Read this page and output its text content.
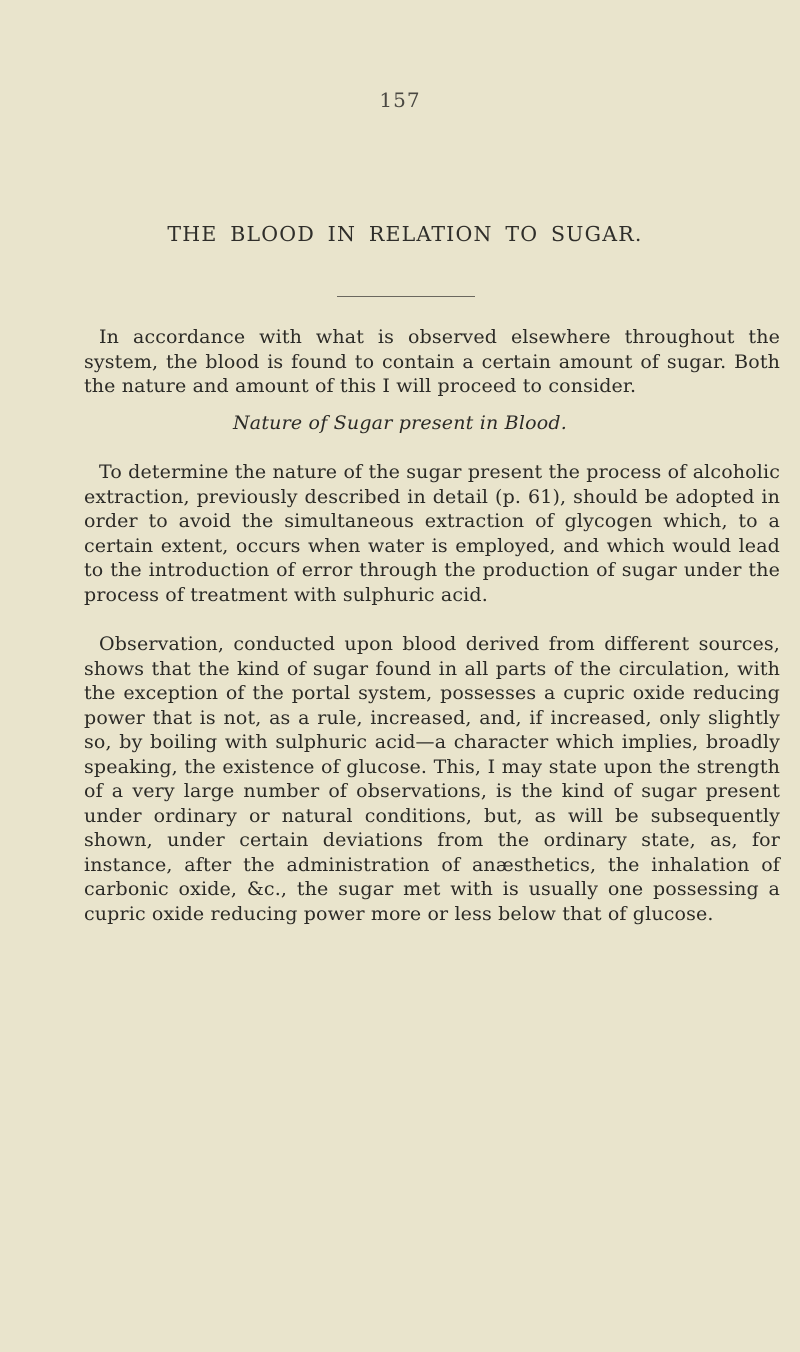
157
THE BLOOD IN RELATION TO SUGAR.

In accordance with what is observed elsewhere throughout the system, the blood is found to contain a certain amount of sugar. Both the nature and amount of this I will proceed to consider.

Nature of Sugar present in Blood.

To determine the nature of the sugar present the process of alcoholic extraction, previously described in detail (p. 61), should be adopted in order to avoid the simultaneous extraction of glycogen which, to a certain extent, occurs when water is employed, and which would lead to the introduction of error through the production of sugar under the process of treatment with sulphuric acid.

Observation, conducted upon blood derived from different sources, shows that the kind of sugar found in all parts of the circulation, with the exception of the portal system, possesses a cupric oxide reducing power that is not, as a rule, increased, and, if increased, only slightly so, by boiling with sulphuric acid—a character which implies, broadly speaking, the existence of glucose. This, I may state upon the strength of a very large number of observations, is the kind of sugar present under ordinary or natural conditions, but, as will be subsequently shown, under certain deviations from the ordinary state, as, for instance, after the administration of anæsthetics, the inhalation of carbonic oxide, &c., the sugar met with is usually one possessing a cupric oxide reducing power more or less below that of glucose.
